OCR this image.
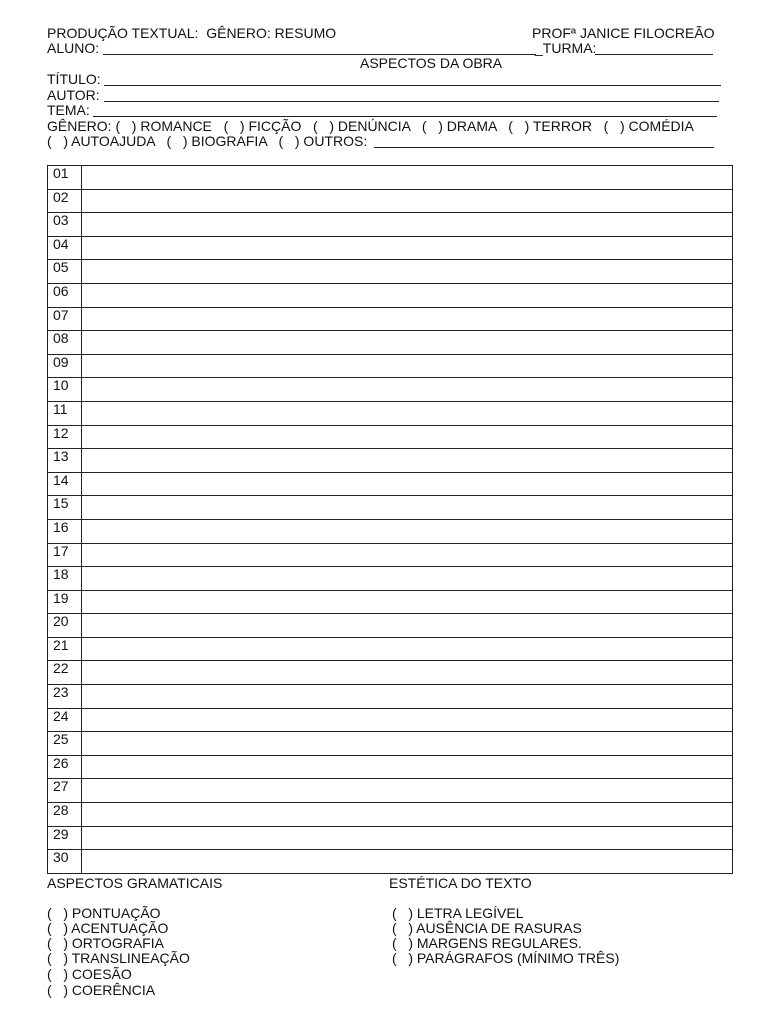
PRODUÇÃO TEXTUAL:  GÊNERO: RESUMO	PROFª JANICE FILOCREÃO
ALUNO:	_TURMA:
ASPECTOS DA OBRA
TÍTULO:
AUTOR:
TEMA:
GÊNERO: (   ) ROMANCE   (   ) FICÇÃO   (   ) DENÚNCIA   (   ) DRAMA   (   ) TERROR   (   ) COMÉDIA
(   ) AUTOAJUDA   (   ) BIOGRAFIA   (   ) OUTROS:
01	
02	
03	
04	
05	
06	
07	
08	
09	
10	
11	
12	
13	
14	
15	
16	
17	
18	
19	
20	
21	
22	
23	
24	
25	
26	
27	
28	
29	
30	
ASPECTOS GRAMATICAIS	ESTÉTICA DO TEXTO
(   ) PONTUAÇÃO
(   ) ACENTUAÇÃO
(   ) ORTOGRAFIA
(   ) TRANSLINEAÇÃO
(   ) COESÃO
(   ) COERÊNCIA
(   ) LETRA LEGÍVEL
(   ) AUSÊNCIA DE RASURAS
(   ) MARGENS REGULARES.
(   ) PARÁGRAFOS (MÍNIMO TRÊS)
